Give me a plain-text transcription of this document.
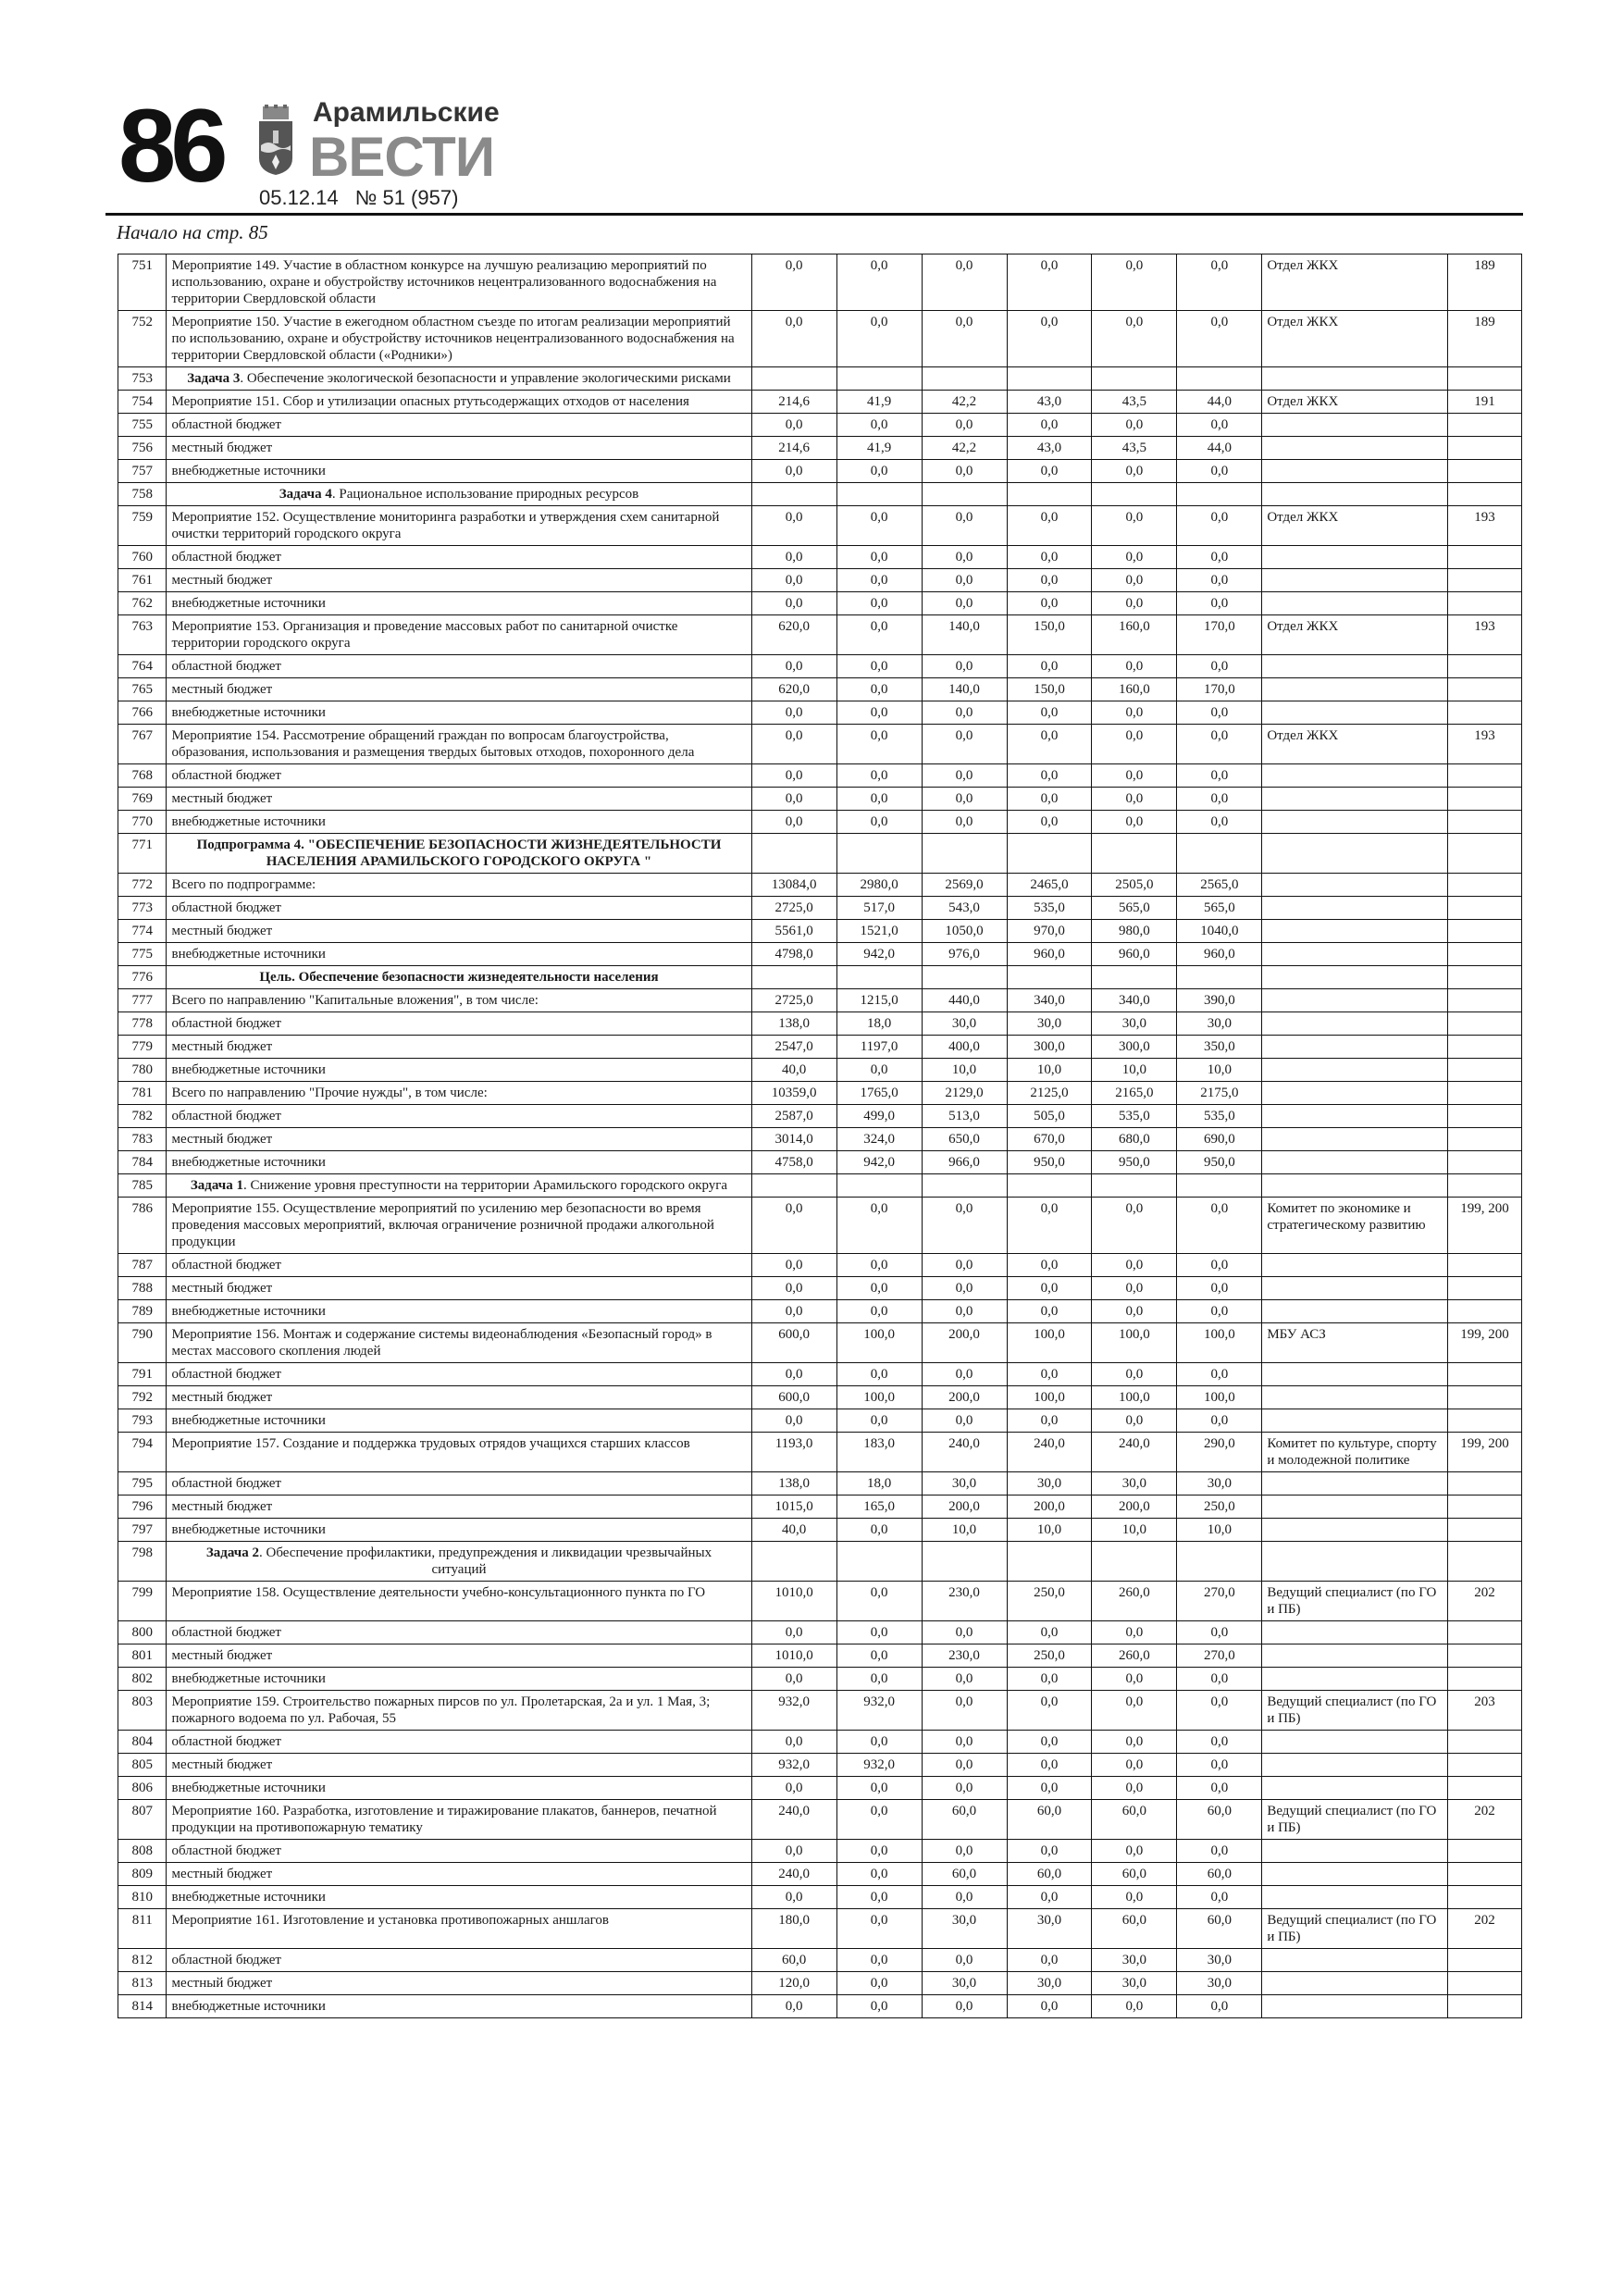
86	Арамильские
ВЕСТИ
05.12.14 № 51 (957)
Начало на стр. 85
751	Мероприятие 149. Участие в областном конкурсе на лучшую реализацию мероприятий по использованию, охране и обустройству источников нецентрализованного водоснабжения на территории Свердловской области	0,0	0,0	0,0	0,0	0,0	0,0	Отдел ЖКХ	189
752	Мероприятие 150. Участие в ежегодном областном съезде по итогам реализации мероприятий по использованию, охране и обустройству источников нецентрализованного водоснабжения на территории Свердловской области («Родники»)	0,0	0,0	0,0	0,0	0,0	0,0	Отдел ЖКХ	189
753	Задача 3. Обеспечение экологической безопасности и управление экологическими рисками								
754	Мероприятие 151. Сбор и утилизации опасных ртутьсодержащих отходов от населения	214,6	41,9	42,2	43,0	43,5	44,0	Отдел ЖКХ	191
755	областной бюджет	0,0	0,0	0,0	0,0	0,0	0,0		
756	местный бюджет	214,6	41,9	42,2	43,0	43,5	44,0		
757	внебюджетные источники	0,0	0,0	0,0	0,0	0,0	0,0		
758	Задача 4. Рациональное использование природных ресурсов								
759	Мероприятие 152. Осуществление мониторинга разработки и утверждения схем санитарной очистки территорий городского округа	0,0	0,0	0,0	0,0	0,0	0,0	Отдел ЖКХ	193
760	областной бюджет	0,0	0,0	0,0	0,0	0,0	0,0		
761	местный бюджет	0,0	0,0	0,0	0,0	0,0	0,0		
762	внебюджетные источники	0,0	0,0	0,0	0,0	0,0	0,0		
763	Мероприятие 153. Организация и проведение массовых работ по санитарной очистке территории городского округа	620,0	0,0	140,0	150,0	160,0	170,0	Отдел ЖКХ	193
764	областной бюджет	0,0	0,0	0,0	0,0	0,0	0,0		
765	местный бюджет	620,0	0,0	140,0	150,0	160,0	170,0		
766	внебюджетные источники	0,0	0,0	0,0	0,0	0,0	0,0		
767	Мероприятие 154. Рассмотрение обращений граждан по вопросам благоустройства, образования, использования и размещения твердых бытовых отходов, похоронного дела	0,0	0,0	0,0	0,0	0,0	0,0	Отдел ЖКХ	193
768	областной бюджет	0,0	0,0	0,0	0,0	0,0	0,0		
769	местный бюджет	0,0	0,0	0,0	0,0	0,0	0,0		
770	внебюджетные источники	0,0	0,0	0,0	0,0	0,0	0,0		
771	Подпрограмма 4. "ОБЕСПЕЧЕНИЕ БЕЗОПАСНОСТИ ЖИЗНЕДЕЯТЕЛЬНОСТИ НАСЕЛЕНИЯ АРАМИЛЬСКОГО ГОРОДСКОГО ОКРУГА "								
772	Всего по подпрограмме:	13084,0	2980,0	2569,0	2465,0	2505,0	2565,0		
773	областной бюджет	2725,0	517,0	543,0	535,0	565,0	565,0		
774	местный бюджет	5561,0	1521,0	1050,0	970,0	980,0	1040,0		
775	внебюджетные источники	4798,0	942,0	976,0	960,0	960,0	960,0		
776	Цель. Обеспечение безопасности жизнедеятельности населения								
777	Всего по направлению "Капитальные вложения", в том числе:	2725,0	1215,0	440,0	340,0	340,0	390,0		
778	областной бюджет	138,0	18,0	30,0	30,0	30,0	30,0		
779	местный бюджет	2547,0	1197,0	400,0	300,0	300,0	350,0		
780	внебюджетные источники	40,0	0,0	10,0	10,0	10,0	10,0		
781	Всего по направлению "Прочие нужды", в том числе:	10359,0	1765,0	2129,0	2125,0	2165,0	2175,0		
782	областной бюджет	2587,0	499,0	513,0	505,0	535,0	535,0		
783	местный бюджет	3014,0	324,0	650,0	670,0	680,0	690,0		
784	внебюджетные источники	4758,0	942,0	966,0	950,0	950,0	950,0		
785	Задача 1. Снижение уровня преступности на территории Арамильского городского округа								
786	Мероприятие 155. Осуществление мероприятий по усилению мер безопасности во время проведения массовых мероприятий, включая ограничение розничной продажи алкогольной продукции	0,0	0,0	0,0	0,0	0,0	0,0	Комитет по экономике и стратегическому развитию	199, 200
787	областной бюджет	0,0	0,0	0,0	0,0	0,0	0,0		
788	местный бюджет	0,0	0,0	0,0	0,0	0,0	0,0		
789	внебюджетные источники	0,0	0,0	0,0	0,0	0,0	0,0		
790	Мероприятие 156. Монтаж и содержание системы видеонаблюдения «Безопасный город» в местах массового скопления людей	600,0	100,0	200,0	100,0	100,0	100,0	МБУ АСЗ	199, 200
791	областной бюджет	0,0	0,0	0,0	0,0	0,0	0,0		
792	местный бюджет	600,0	100,0	200,0	100,0	100,0	100,0		
793	внебюджетные источники	0,0	0,0	0,0	0,0	0,0	0,0		
794	Мероприятие 157. Создание и поддержка трудовых отрядов учащихся старших классов	1193,0	183,0	240,0	240,0	240,0	290,0	Комитет по культуре, спорту и молодежной политике	199, 200
795	областной бюджет	138,0	18,0	30,0	30,0	30,0	30,0		
796	местный бюджет	1015,0	165,0	200,0	200,0	200,0	250,0		
797	внебюджетные источники	40,0	0,0	10,0	10,0	10,0	10,0		
798	Задача 2. Обеспечение профилактики, предупреждения и ликвидации чрезвычайных ситуаций								
799	Мероприятие 158. Осуществление деятельности учебно-консультационного пункта по ГО	1010,0	0,0	230,0	250,0	260,0	270,0	Ведущий специалист (по ГО и ПБ)	202
800	областной бюджет	0,0	0,0	0,0	0,0	0,0	0,0		
801	местный бюджет	1010,0	0,0	230,0	250,0	260,0	270,0		
802	внебюджетные источники	0,0	0,0	0,0	0,0	0,0	0,0		
803	Мероприятие 159. Строительство пожарных пирсов по ул. Пролетарская, 2а и ул. 1 Мая, 3; пожарного водоема по ул. Рабочая, 55	932,0	932,0	0,0	0,0	0,0	0,0	Ведущий специалист (по ГО и ПБ)	203
804	областной бюджет	0,0	0,0	0,0	0,0	0,0	0,0		
805	местный бюджет	932,0	932,0	0,0	0,0	0,0	0,0		
806	внебюджетные источники	0,0	0,0	0,0	0,0	0,0	0,0		
807	Мероприятие 160. Разработка, изготовление и тиражирование плакатов, баннеров, печатной продукции на противопожарную тематику	240,0	0,0	60,0	60,0	60,0	60,0	Ведущий специалист (по ГО и ПБ)	202
808	областной бюджет	0,0	0,0	0,0	0,0	0,0	0,0		
809	местный бюджет	240,0	0,0	60,0	60,0	60,0	60,0		
810	внебюджетные источники	0,0	0,0	0,0	0,0	0,0	0,0		
811	Мероприятие 161. Изготовление и установка противопожарных аншлагов	180,0	0,0	30,0	30,0	60,0	60,0	Ведущий специалист (по ГО и ПБ)	202
812	областной бюджет	60,0	0,0	0,0	0,0	30,0	30,0		
813	местный бюджет	120,0	0,0	30,0	30,0	30,0	30,0		
814	внебюджетные источники	0,0	0,0	0,0	0,0	0,0	0,0		
